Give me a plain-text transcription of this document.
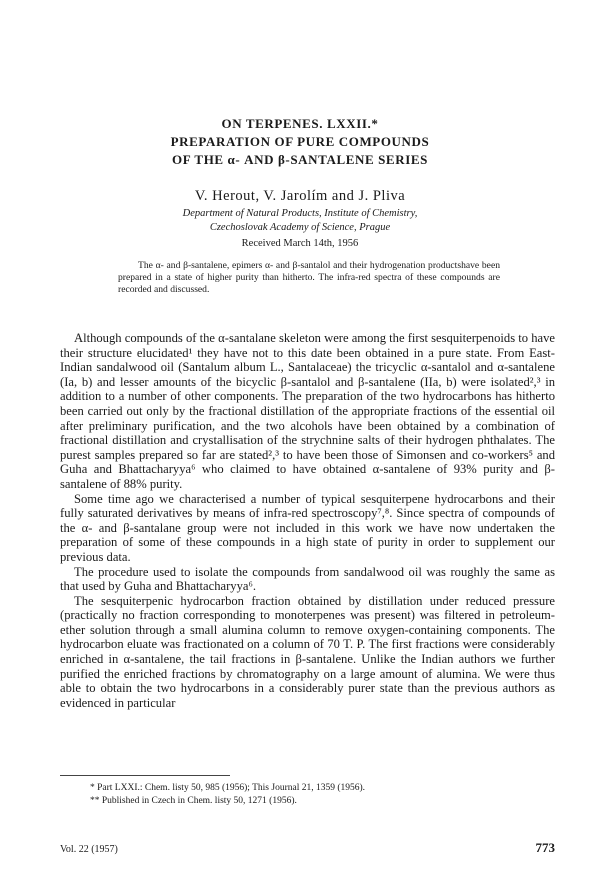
ON TERPENES. LXXII.*
PREPARATION OF PURE COMPOUNDS
OF THE α- AND β-SANTALENE SERIES
V. Herout, V. Jarolím and J. Pliva
Department of Natural Products, Institute of Chemistry,
Czechoslovak Academy of Science, Prague
Received March 14th, 1956
The α- and β-santalene, epimers α- and β-santalol and their hydrogenation productshave been prepared in a state of higher purity than hitherto. The infra-red spectra of these compounds are recorded and discussed.

Although compounds of the α-santalane skeleton were among the first sesquiterpenoids to have their structure elucidated¹ they have not to this date been obtained in a pure state. From East-Indian sandalwood oil (Santalum album L., Santalaceae) the tricyclic α-santalol and α-santalene (Ia, b) and lesser amounts of the bicyclic β-santalol and β-santalene (IIa, b) were isolated²,³ in addition to a number of other components. The preparation of the two hydrocarbons has hitherto been carried out only by the fractional distillation of the appropriate fractions of the essential oil after preliminary purification, and the two alcohols have been obtained by a combination of fractional distillation and crystallisation of the strychnine salts of their hydrogen phthalates. The purest samples prepared so far are stated²,³ to have been those of Simonsen and co-workers⁵ and Guha and Bhattacharyya⁶ who claimed to have obtained α-santalene of 93% purity and β-santalene of 88% purity.

Some time ago we characterised a number of typical sesquiterpene hydrocarbons and their fully saturated derivatives by means of infra-red spectroscopy⁷,⁸. Since spectra of compounds of the α- and β-santalane group were not included in this work we have now undertaken the preparation of some of these compounds in a high state of purity in order to supplement our previous data.

The procedure used to isolate the compounds from sandalwood oil was roughly the same as that used by Guha and Bhattacharyya⁶.

The sesquiterpenic hydrocarbon fraction obtained by distillation under reduced pressure (practically no fraction corresponding to monoterpenes was present) was filtered in petroleum-ether solution through a small alumina column to remove oxygen-containing components. The hydrocarbon eluate was fractionated on a column of 70 T. P. The first fractions were considerably enriched in α-santalene, the tail fractions in β-santalene. Unlike the Indian authors we further purified the enriched fractions by chromatography on a large amount of alumina. We were thus able to obtain the two hydrocarbons in a considerably purer state than the previous authors as evidenced in particular

* Part LXXI.: Chem. listy 50, 985 (1956); This Journal 21, 1359 (1956).
** Published in Czech in Chem. listy 50, 1271 (1956).
Vol. 22 (1957)	773
